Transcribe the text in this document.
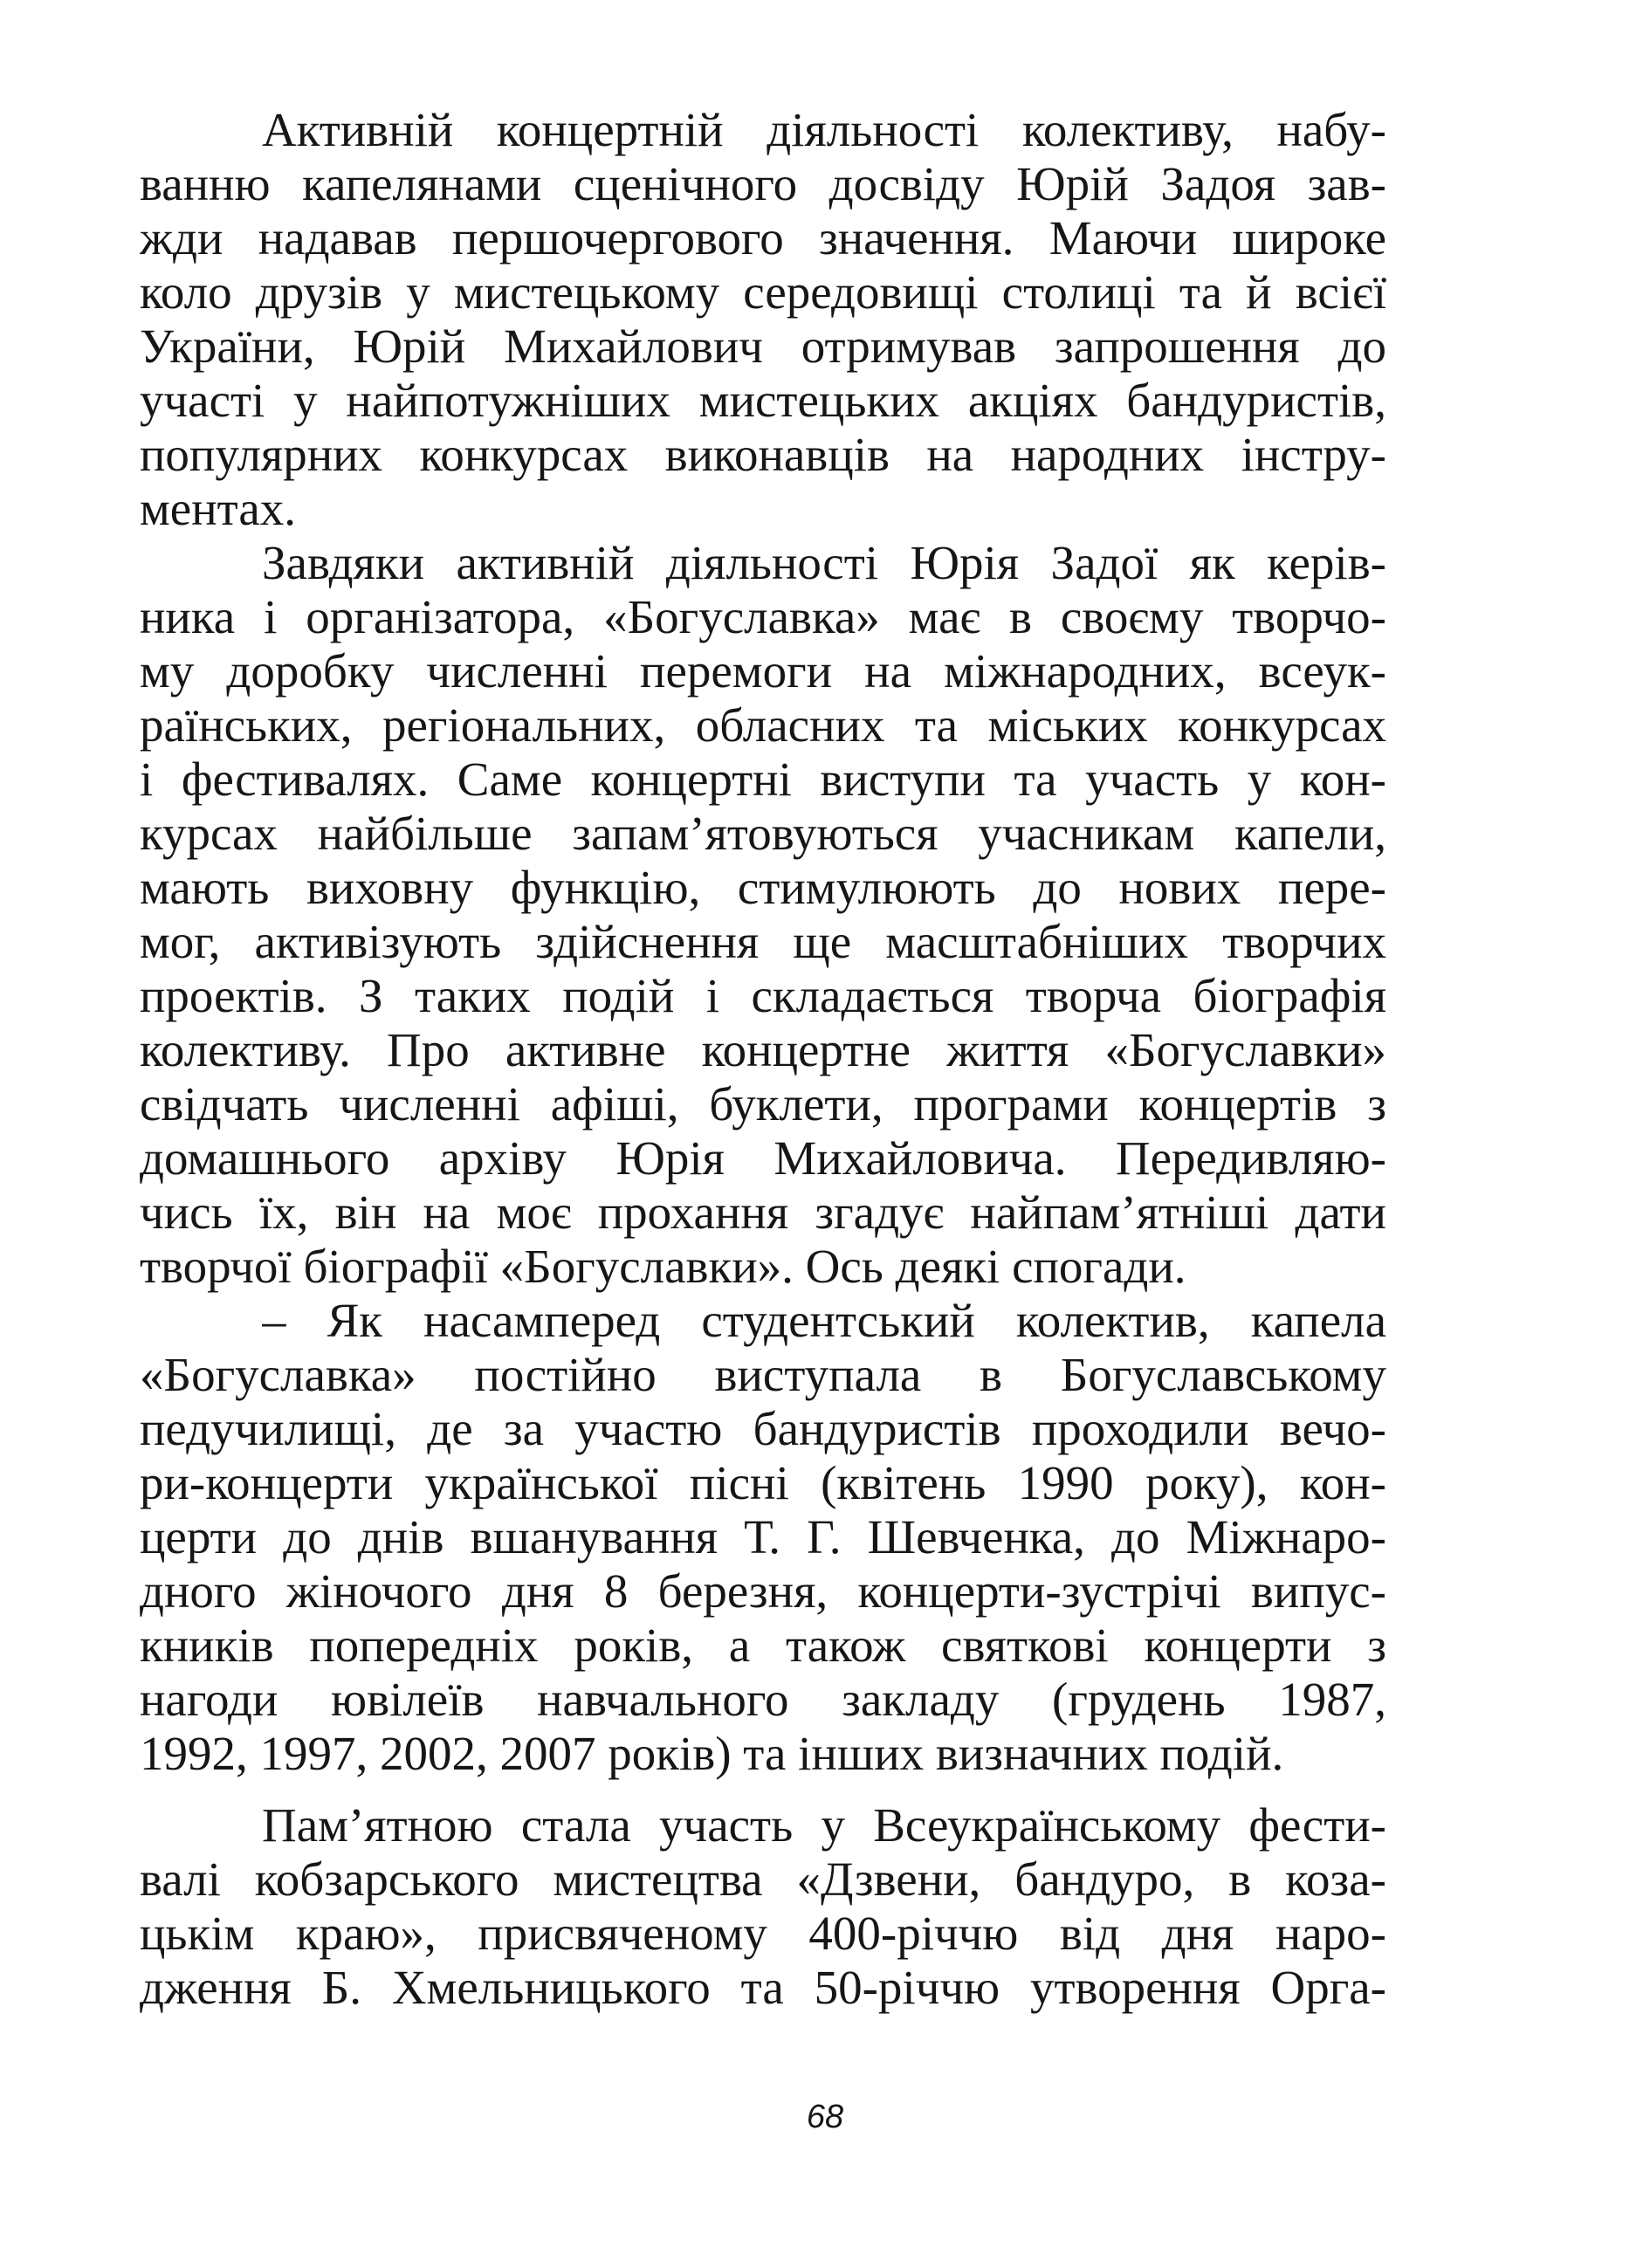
Активній концертній діяльності колективу, набу-
ванню капелянами сценічного досвіду Юрій Задоя зав-
жди надавав першочергового значення. Маючи широке
коло друзів у мистецькому середовищі столиці та й всієї
України, Юрій Михайлович отримував запрошення до
участі у найпотужніших мистецьких акціях бандуристів,
популярних конкурсах виконавців на народних інстру-
ментах.
Завдяки активній діяльності Юрія Задої як керів-
ника і організатора, «Богуславка» має в своєму творчо-
му доробку численні перемоги на міжнародних, всеук-
раїнських, регіональних, обласних та міських конкурсах
і фестивалях. Саме концертні виступи та участь у кон-
курсах найбільше запам’ятовуються учасникам капели,
мають виховну функцію, стимулюють до нових пере-
мог, активізують здійснення ще масштабніших творчих
проектів. З таких подій і складається творча біографія
колективу. Про активне концертне життя «Богуславки»
свідчать численні афіші, буклети, програми концертів з
домашнього архіву Юрія Михайловича. Передивляю-
чись їх, він на моє прохання згадує найпам’ятніші дати
творчої біографії «Богуславки». Ось деякі спогади.
– Як насамперед студентський колектив, капела
«Богуславка» постійно виступала в Богуславському
педучилищі, де за участю бандуристів проходили вечо-
ри-концерти української пісні (квітень 1990 року), кон-
церти до днів вшанування Т. Г. Шевченка, до Міжнаро-
дного жіночого дня 8 березня, концерти-зустрічі випус-
кників попередніх років, а також святкові концерти з
нагоди ювілеїв навчального закладу (грудень 1987,
1992, 1997, 2002, 2007 років) та інших визначних подій.
Пам’ятною стала участь у Всеукраїнському фести-
валі кобзарського мистецтва «Дзвени, бандуро, в коза-
цькім краю», присвяченому 400-річчю від дня наро-
дження Б. Хмельницького та 50-річчю утворення Орга-
68
